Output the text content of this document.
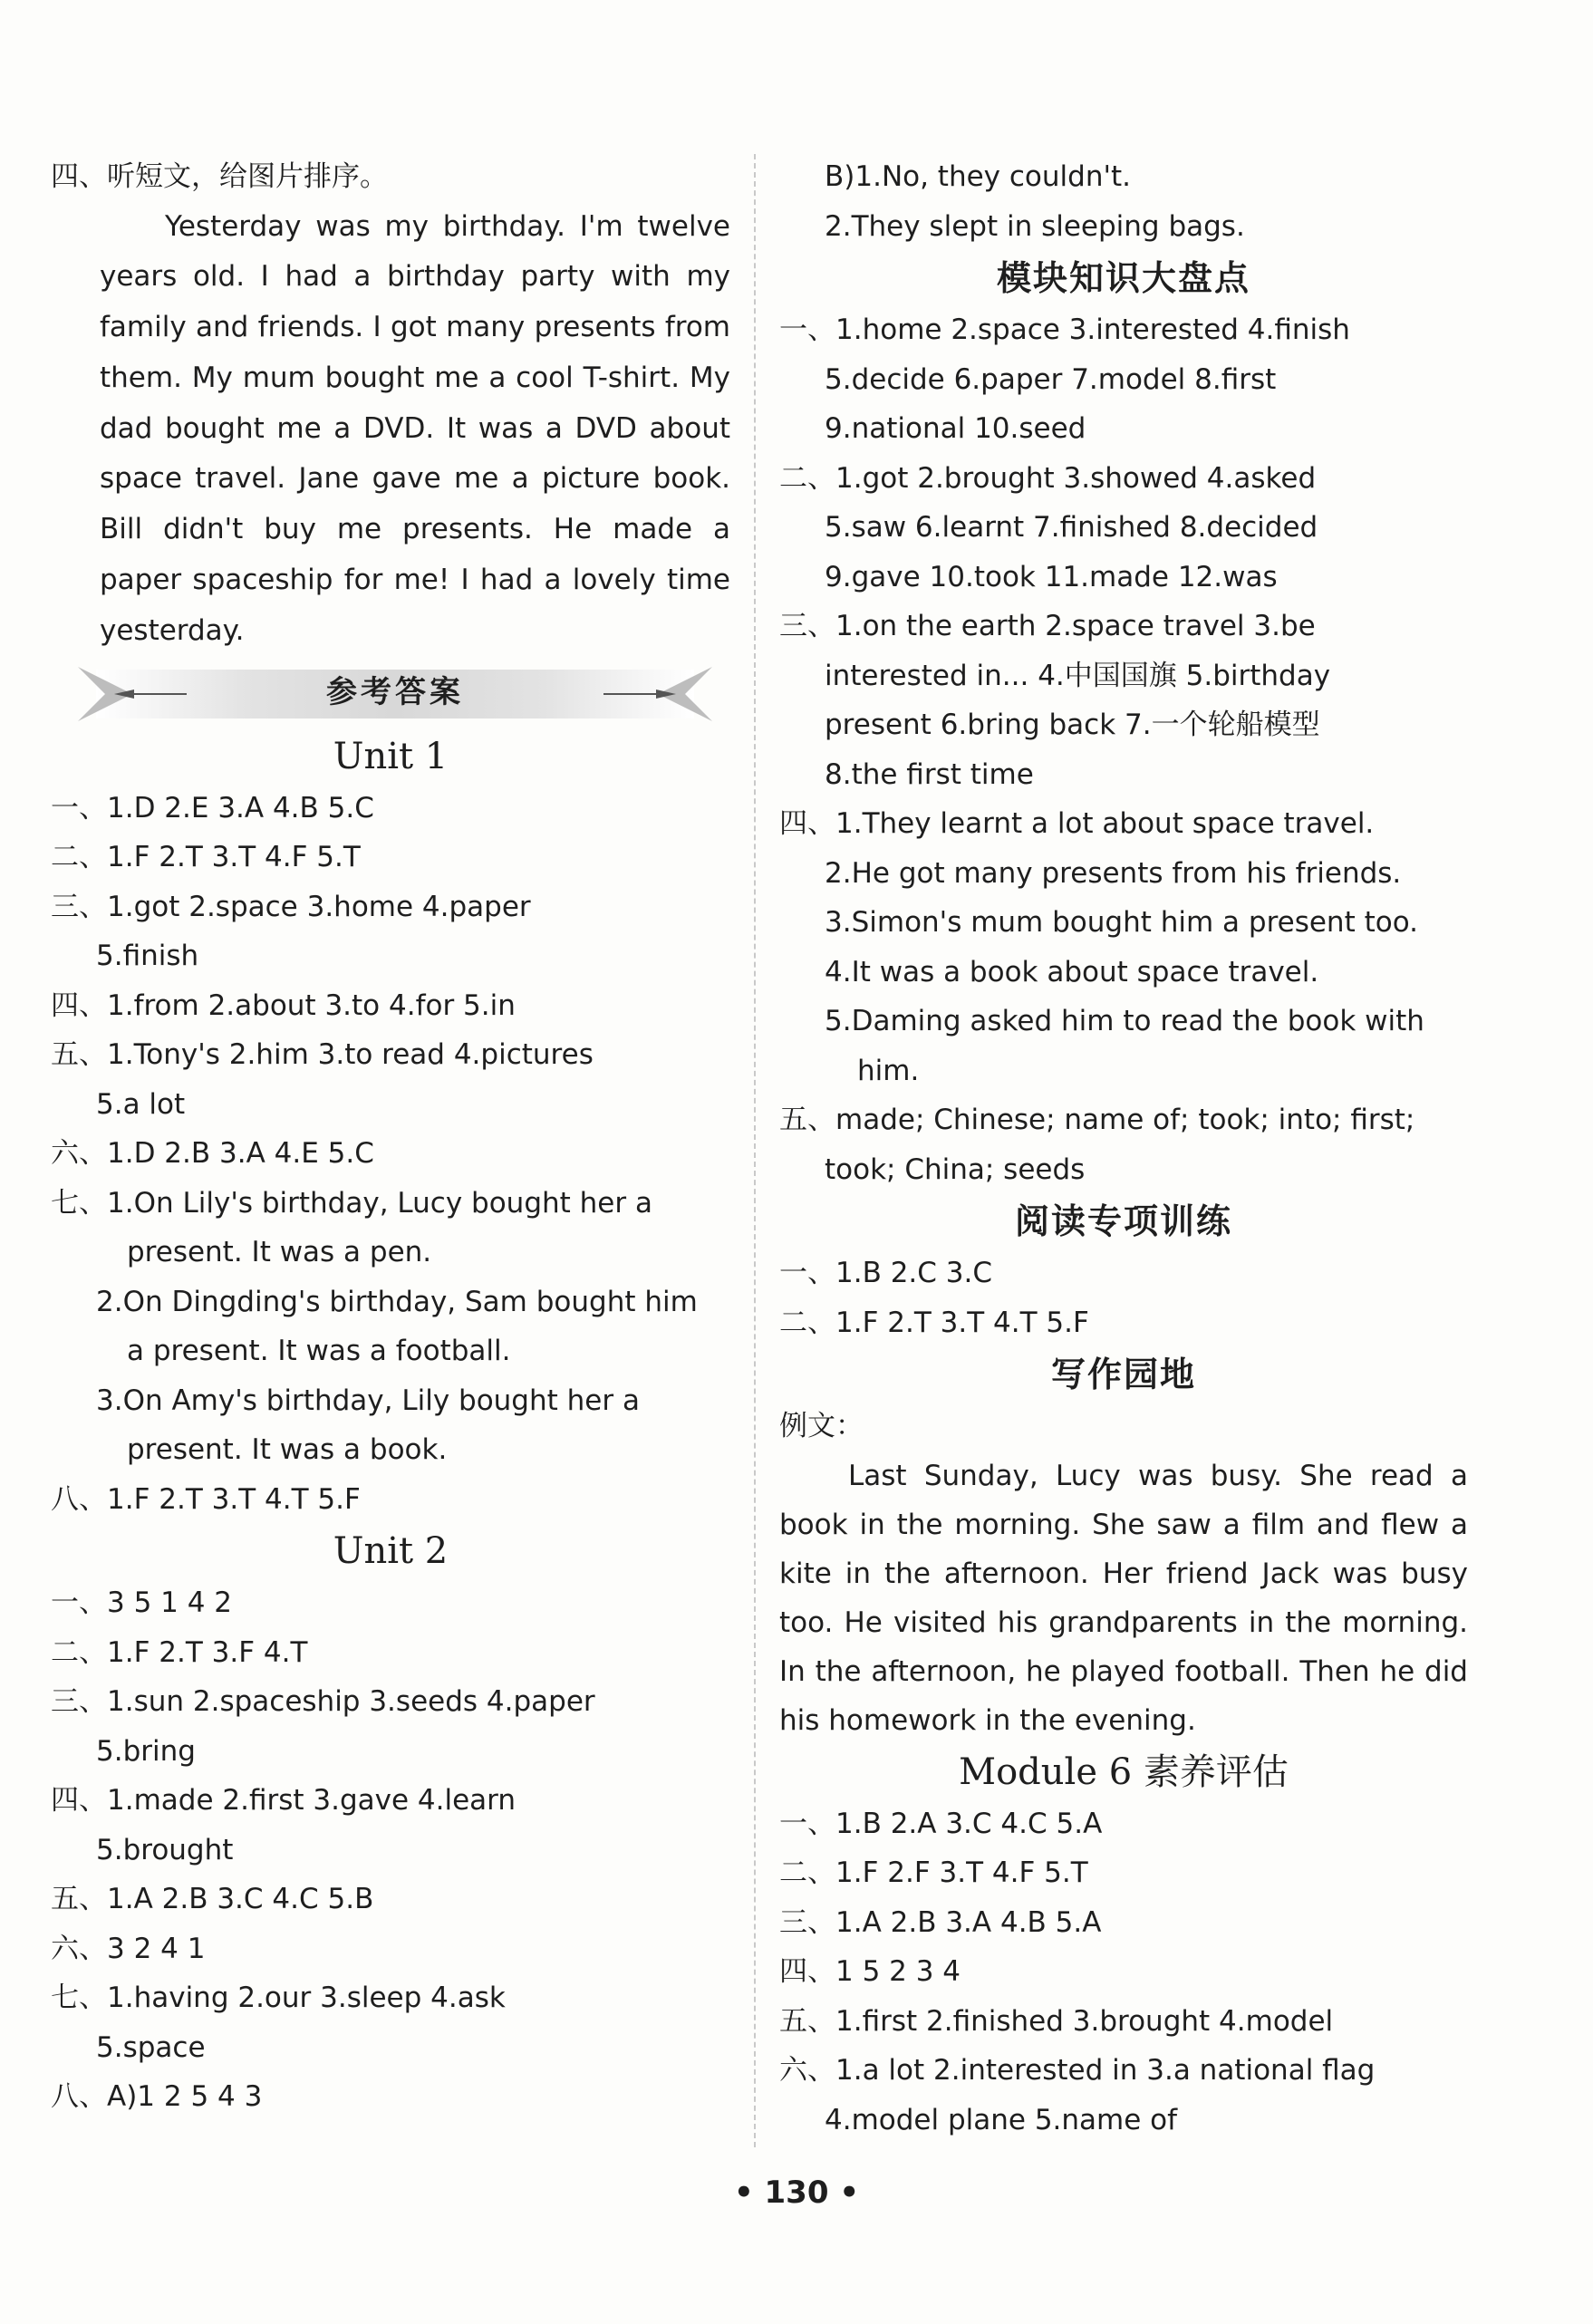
四、听短文，给图片排序。
Yesterday was my birthday. I'm twelve years old. I had a birthday party with my family and friends. I got many presents from them. My mum bought me a cool T-shirt. My dad bought me a DVD. It was a DVD about space travel. Jane gave me a picture book. Bill didn't buy me presents. He made a paper spaceship for me! I had a lovely time yesterday.
参考答案
Unit 1
一、1.D 2.E 3.A 4.B 5.C
二、1.F 2.T 3.T 4.F 5.T
三、1.got 2.space 3.home 4.paper
5.finish
四、1.from 2.about 3.to 4.for 5.in
五、1.Tony's 2.him 3.to read 4.pictures
5.a lot
六、1.D 2.B 3.A 4.E 5.C
七、1.On Lily's birthday, Lucy bought her a
present. It was a pen.
2.On Dingding's birthday, Sam bought him
a present. It was a football.
3.On Amy's birthday, Lily bought her a
present. It was a book.
八、1.F 2.T 3.T 4.T 5.F
Unit 2
一、3 5 1 4 2
二、1.F 2.T 3.F 4.T
三、1.sun 2.spaceship 3.seeds 4.paper
5.bring
四、1.made 2.first 3.gave 4.learn
5.brought
五、1.A 2.B 3.C 4.C 5.B
六、3 2 4 1
七、1.having 2.our 3.sleep 4.ask
5.space
八、A)1 2 5 4 3
B)1.No, they couldn't.
2.They slept in sleeping bags.
模块知识大盘点
一、1.home 2.space 3.interested 4.finish
5.decide 6.paper 7.model 8.first
9.national 10.seed
二、1.got 2.brought 3.showed 4.asked
5.saw 6.learnt 7.finished 8.decided
9.gave 10.took 11.made 12.was
三、1.on the earth 2.space travel 3.be
interested in... 4.中国国旗 5.birthday
present 6.bring back 7.一个轮船模型
8.the first time
四、1.They learnt a lot about space travel.
2.He got many presents from his friends.
3.Simon's mum bought him a present too.
4.It was a book about space travel.
5.Daming asked him to read the book with
him.
五、made; Chinese; name of; took; into; first;
took; China; seeds
阅读专项训练
一、1.B 2.C 3.C
二、1.F 2.T 3.T 4.T 5.F
写作园地
例文：
Last Sunday, Lucy was busy. She read a book in the morning. She saw a film and flew a kite in the afternoon. Her friend Jack was busy too. He visited his grandparents in the morning. In the afternoon, he played football. Then he did his homework in the evening.
Module 6 素养评估
一、1.B 2.A 3.C 4.C 5.A
二、1.F 2.F 3.T 4.F 5.T
三、1.A 2.B 3.A 4.B 5.A
四、1 5 2 3 4
五、1.first 2.finished 3.brought 4.model
六、1.a lot 2.interested in 3.a national flag
4.model plane 5.name of
• 130 •
